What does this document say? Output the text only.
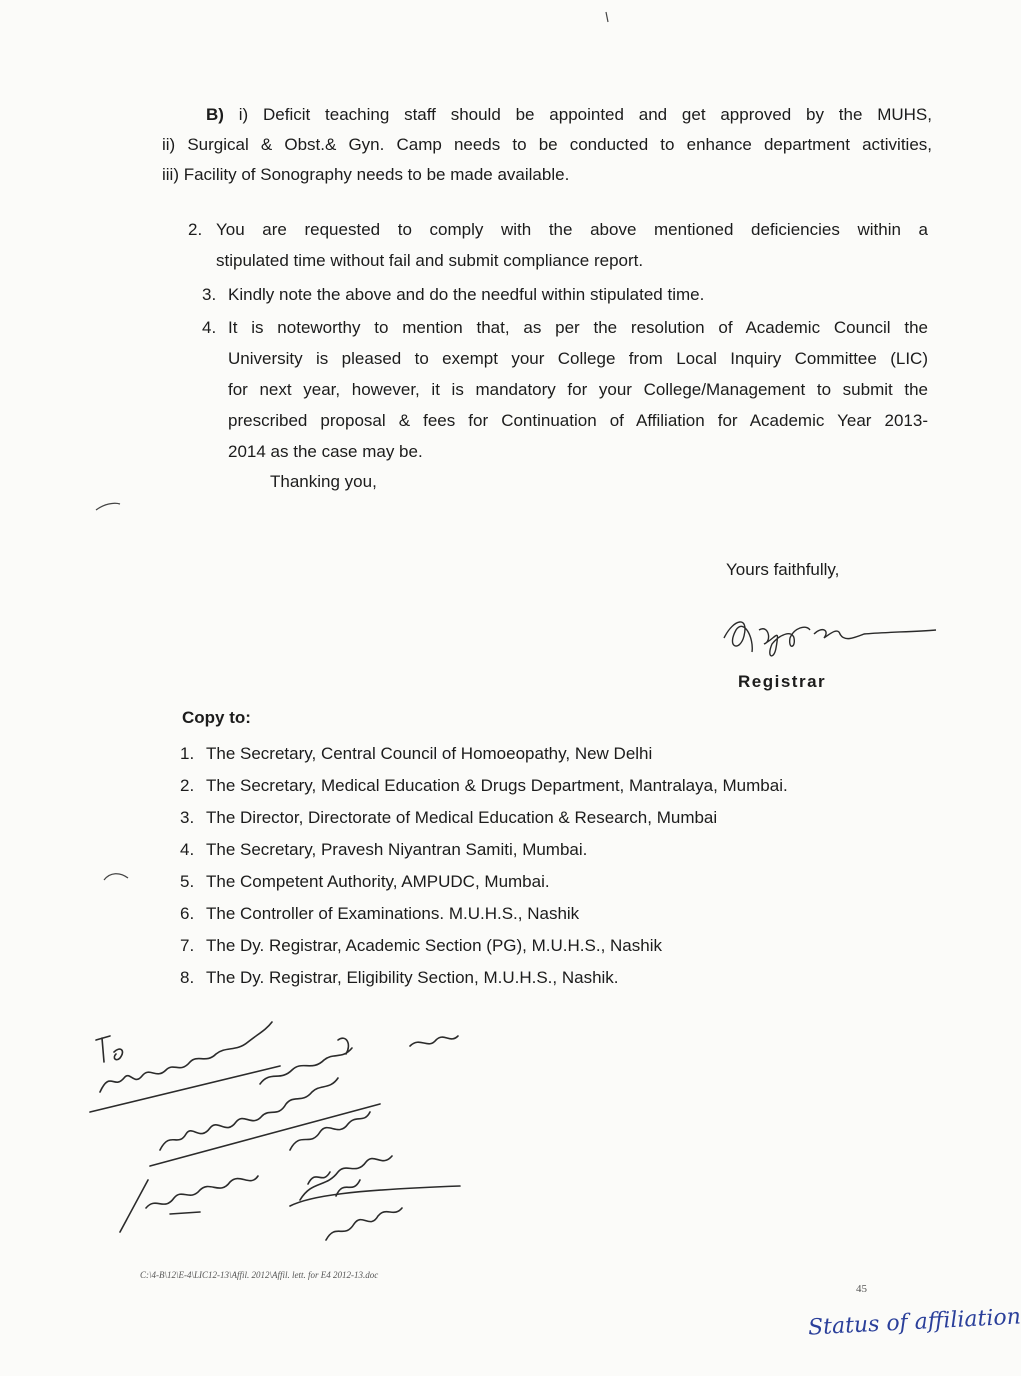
B) i) Deficit teaching staff should be appointed and get approved by the MUHS,
ii) Surgical & Obst.& Gyn. Camp needs to be conducted to enhance department activities,
iii) Facility of Sonography needs to be made available.
2. You are requested to comply with the above mentioned deficiencies within a
stipulated time without fail and submit compliance report.
3. Kindly note the above and do the needful within stipulated time.
4. It is noteworthy to mention that, as per the resolution of Academic Council the
University is pleased to exempt your College from Local Inquiry Committee (LIC)
for next year, however, it is mandatory for your College/Management to submit the
prescribed proposal & fees for Continuation of Affiliation for Academic Year 2013-
2014 as the case may be.
Thanking you,
Yours faithfully,
Registrar
Copy to:
1. The Secretary, Central Council of Homoeopathy, New Delhi
2. The Secretary, Medical Education & Drugs Department, Mantralaya, Mumbai.
3. The Director, Directorate of Medical Education & Research, Mumbai
4. The Secretary, Pravesh Niyantran Samiti, Mumbai.
5. The Competent Authority, AMPUDC, Mumbai.
6. The Controller of Examinations. M.U.H.S., Nashik
7. The Dy. Registrar, Academic Section (PG), M.U.H.S., Nashik
8. The Dy. Registrar, Eligibility Section, M.U.H.S., Nashik.
C:\4-B\12\E-4\LIC12-13\Affil. 2012\Affil. lett. for E4 2012-13.doc
45
Status of affiliation
